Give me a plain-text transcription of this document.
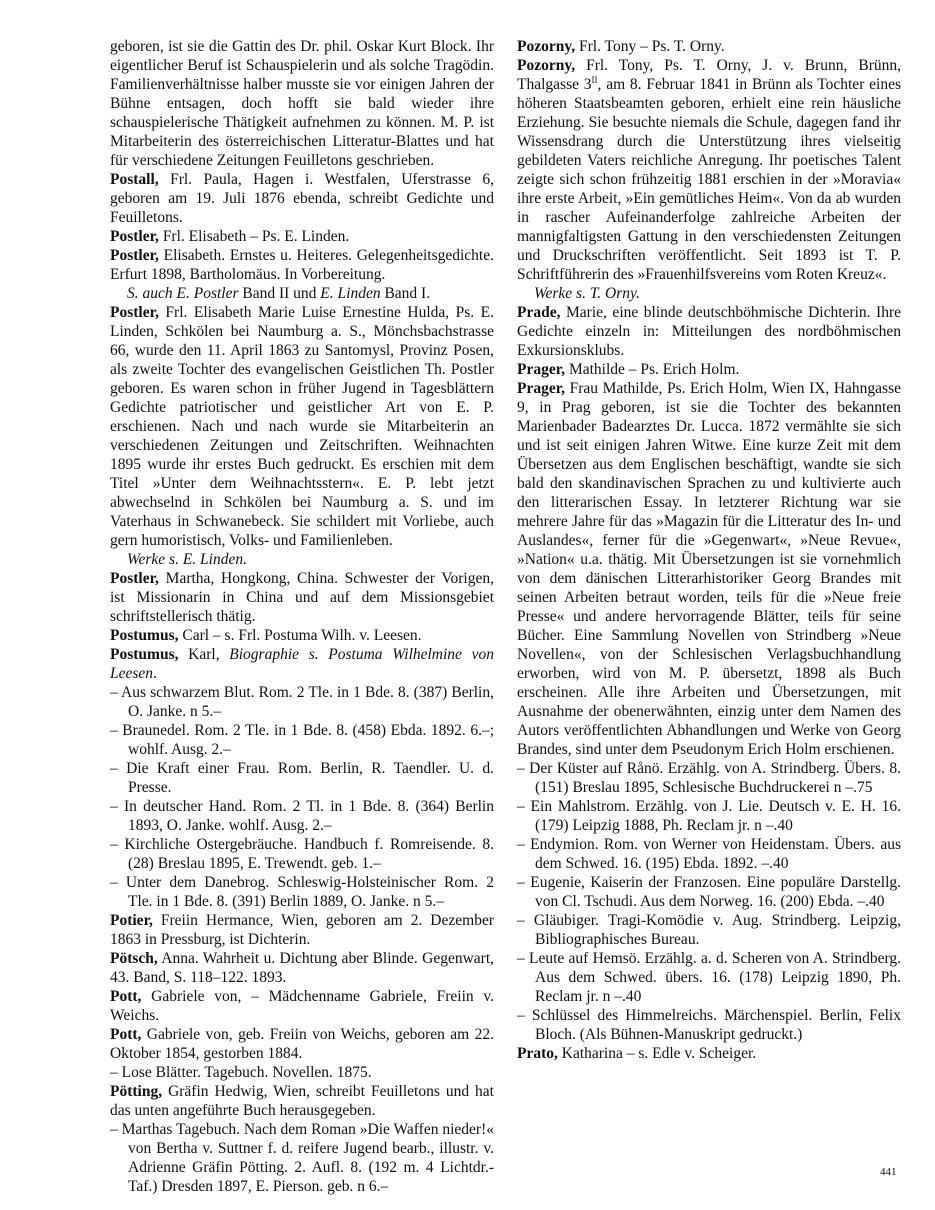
geboren, ist sie die Gattin des Dr. phil. Oskar Kurt Block. Ihr eigentlicher Beruf ist Schauspielerin und als solche Tragödin. Familienverhältnisse halber musste sie vor einigen Jahren der Bühne entsagen, doch hofft sie bald wieder ihre schauspielerische Thätigkeit aufnehmen zu können. M. P. ist Mitarbeiterin des österreichischen Litteratur-Blattes und hat für verschiedene Zeitungen Feuilletons geschrieben.

Postall, Frl. Paula, Hagen i. Westfalen, Uferstrasse 6, geboren am 19. Juli 1876 ebenda, schreibt Gedichte und Feuilletons.

Postler, Frl. Elisabeth – Ps. E. Linden.

Postler, Elisabeth. Ernstes u. Heiteres. Gelegenheitsgedichte. Erfurt 1898, Bartholomäus. In Vorbereitung.

S. auch E. Postler Band II und E. Linden Band I.

Postler, Frl. Elisabeth Marie Luise Ernestine Hulda, Ps. E. Linden, Schkölen bei Naumburg a. S., Mönchsbachstrasse 66, wurde den 11. April 1863 zu Santomysl, Provinz Posen, als zweite Tochter des evangelischen Geistlichen Th. Postler geboren. Es waren schon in früher Jugend in Tagesblättern Gedichte patriotischer und geistlicher Art von E. P. erschienen. Nach und nach wurde sie Mitarbeiterin an verschiedenen Zeitungen und Zeitschriften. Weihnachten 1895 wurde ihr erstes Buch gedruckt. Es erschien mit dem Titel »Unter dem Weihnachtsstern«. E. P. lebt jetzt abwechselnd in Schkölen bei Naumburg a. S. und im Vaterhaus in Schwanebeck. Sie schildert mit Vorliebe, auch gern humoristisch, Volks- und Familienleben.

Werke s. E. Linden.

Postler, Martha, Hongkong, China. Schwester der Vorigen, ist Missionarin in China und auf dem Missionsgebiet schriftstellerisch thätig.

Postumus, Carl – s. Frl. Postuma Wilh. v. Leesen.

Postumus, Karl, Biographie s. Postuma Wilhelmine von Leesen.

– Aus schwarzem Blut. Rom. 2 Tle. in 1 Bde. 8. (387) Berlin, O. Janke. n 5.–

– Braunedel. Rom. 2 Tle. in 1 Bde. 8. (458) Ebda. 1892. 6.–; wohlf. Ausg. 2.–

– Die Kraft einer Frau. Rom. Berlin, R. Taendler. U. d. Presse.

– In deutscher Hand. Rom. 2 Tl. in 1 Bde. 8. (364) Berlin 1893, O. Janke. wohlf. Ausg. 2.–

– Kirchliche Ostergebräuche. Handbuch f. Romreisende. 8. (28) Breslau 1895, E. Trewendt. geb. 1.–

– Unter dem Danebrog. Schleswig-Holsteinischer Rom. 2 Tle. in 1 Bde. 8. (391) Berlin 1889, O. Janke. n 5.–

Potier, Freiin Hermance, Wien, geboren am 2. Dezember 1863 in Pressburg, ist Dichterin.

Pötsch, Anna. Wahrheit u. Dichtung aber Blinde. Gegenwart, 43. Band, S. 118–122. 1893.

Pott, Gabriele von, – Mädchenname Gabriele, Freiin v. Weichs.

Pott, Gabriele von, geb. Freiin von Weichs, geboren am 22. Oktober 1854, gestorben 1884.

– Lose Blätter. Tagebuch. Novellen. 1875.

Pötting, Gräfin Hedwig, Wien, schreibt Feuilletons und hat das unten angeführte Buch herausgegeben.

– Marthas Tagebuch. Nach dem Roman »Die Waffen nieder!« von Bertha v. Suttner f. d. reifere Jugend bearb., illustr. v. Adrienne Gräfin Pötting. 2. Aufl. 8. (192 m. 4 Lichtdr.-Taf.) Dresden 1897, E. Pierson. geb. n 6.–

Pozorny, Frl. Tony – Ps. T. Orny.

Pozorny, Frl. Tony, Ps. T. Orny, J. v. Brunn, Brünn, Thalgasse $3^{II}$, am 8. Februar 1841 in Brünn als Tochter eines höheren Staatsbeamten geboren, erhielt eine rein häusliche Erziehung. Sie besuchte niemals die Schule, dagegen fand ihr Wissensdrang durch die Unterstützung ihres vielseitig gebildeten Vaters reichliche Anregung. Ihr poetisches Talent zeigte sich schon frühzeitig 1881 erschien in der »Moravia« ihre erste Arbeit, »Ein gemütliches Heim«. Von da ab wurden in rascher Aufeinanderfolge zahlreiche Arbeiten der mannigfaltigsten Gattung in den verschiedensten Zeitungen und Druckschriften veröffentlicht. Seit 1893 ist T. P. Schriftführerin des »Frauenhilfsvereins vom Roten Kreuz«.

Werke s. T. Orny.

Prade, Marie, eine blinde deutschböhmische Dichterin. Ihre Gedichte einzeln in: Mitteilungen des nordböhmischen Exkursionsklubs.

Prager, Mathilde – Ps. Erich Holm.

Prager, Frau Mathilde, Ps. Erich Holm, Wien IX, Hahngasse 9, in Prag geboren, ist sie die Tochter des bekannten Marienbader Badearztes Dr. Lucca. 1872 vermählte sie sich und ist seit einigen Jahren Witwe. Eine kurze Zeit mit dem Übersetzen aus dem Englischen beschäftigt, wandte sie sich bald den skandinavischen Sprachen zu und kultivierte auch den litterarischen Essay. In letzterer Richtung war sie mehrere Jahre für das »Magazin für die Litteratur des In- und Auslandes«, ferner für die »Gegenwart«, »Neue Revue«, »Nation« u.a. thätig. Mit Übersetzungen ist sie vornehmlich von dem dänischen Litterarhistoriker Georg Brandes mit seinen Arbeiten betraut worden, teils für die »Neue freie Presse« und andere hervorragende Blätter, teils für seine Bücher. Eine Sammlung Novellen von Strindberg »Neue Novellen«, von der Schlesischen Verlagsbuchhandlung erworben, wird von M. P. übersetzt, 1898 als Buch erscheinen. Alle ihre Arbeiten und Übersetzungen, mit Ausnahme der obenerwähnten, einzig unter dem Namen des Autors veröffentlichten Abhandlungen und Werke von Georg Brandes, sind unter dem Pseudonym Erich Holm erschienen.

– Der Küster auf Rånö. Erzählg. von A. Strindberg. Übers. 8. (151) Breslau 1895, Schlesische Buchdruckerei n –.75

– Ein Mahlstrom. Erzählg. von J. Lie. Deutsch v. E. H. 16. (179) Leipzig 1888, Ph. Reclam jr. n –.40

– Endymion. Rom. von Werner von Heidenstam. Übers. aus dem Schwed. 16. (195) Ebda. 1892. –.40

– Eugenie, Kaiserin der Franzosen. Eine populäre Darstellg. von Cl. Tschudi. Aus dem Norweg. 16. (200) Ebda. –.40

– Gläubiger. Tragi-Komödie v. Aug. Strindberg. Leipzig, Bibliographisches Bureau.

– Leute auf Hemsö. Erzählg. a. d. Scheren von A. Strindberg. Aus dem Schwed. übers. 16. (178) Leipzig 1890, Ph. Reclam jr. n –.40

– Schlüssel des Himmelreichs. Märchenspiel. Berlin, Felix Bloch. (Als Bühnen-Manuskript gedruckt.)

Prato, Katharina – s. Edle v. Scheiger.

441
